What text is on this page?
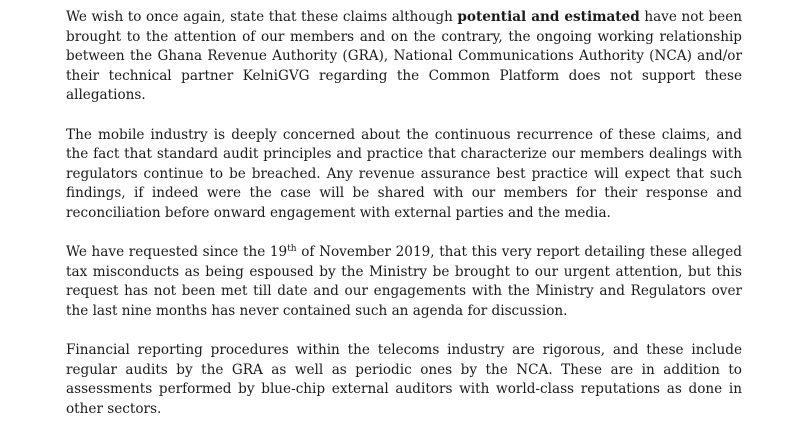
We wish to once again, state that these claims although potential and estimated have not been brought to the attention of our members and on the contrary, the ongoing working relationship between the Ghana Revenue Authority (GRA), National Communications Authority (NCA) and/or their technical partner KelniGVG regarding the Common Platform does not support these allegations.

The mobile industry is deeply concerned about the continuous recurrence of these claims, and the fact that standard audit principles and practice that characterize our members dealings with regulators continue to be breached. Any revenue assurance best practice will expect that such findings, if indeed were the case will be shared with our members for their response and reconciliation before onward engagement with external parties and the media.

We have requested since the 19th of November 2019, that this very report detailing these alleged tax misconducts as being espoused by the Ministry be brought to our urgent attention, but this request has not been met till date and our engagements with the Ministry and Regulators over the last nine months has never contained such an agenda for discussion.

Financial reporting procedures within the telecoms industry are rigorous, and these include regular audits by the GRA as well as periodic ones by the NCA. These are in addition to assessments performed by blue-chip external auditors with world-class reputations as done in other sectors.
